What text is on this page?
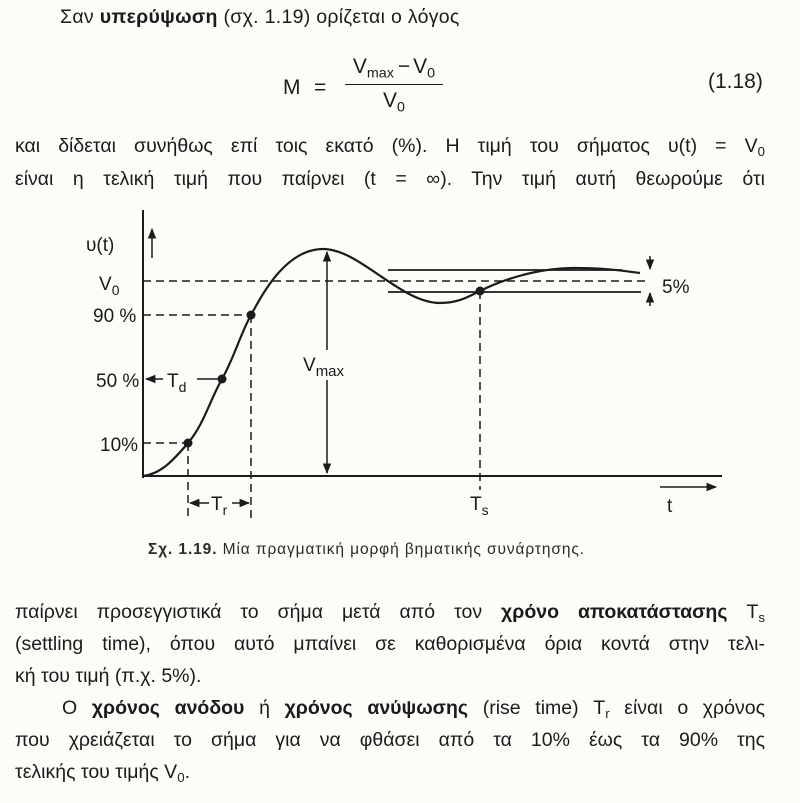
Σαν υπερύψωση (σχ. 1.19) ορίζεται ο λόγος
M =
$V_{max} - V_0$
$V_0$
(1.18)
και δίδεται συνήθως επί τοις εκατό (%). Η τιμή του σήματος $\upsilon(t) = V_0$
είναι η τελική τιμή που παίρνει (t = ∞). Την τιμή αυτή θεωρούμε ότι
υ(t)
$V_0$
90 %
50 %
10%
$T_d$
$V_{max}$
5%
$T_r$	$T_s$	t
Σχ. 1.19. Μία πραγματική μορφή βηματικής συνάρτησης.
παίρνει προσεγγιστικά το σήμα μετά από τον χρόνο αποκατάστασης $T_s$
(settling time), όπου αυτό μπαίνει σε καθορισμένα όρια κοντά στην τελι-
κή του τιμή (π.χ. 5%).
Ο χρόνος ανόδου ή χρόνος ανύψωσης (rise time) $T_r$ είναι ο χρόνος
που χρειάζεται το σήμα για να φθάσει από τα 10% έως τα 90% της
τελικής του τιμής $V_0$.
